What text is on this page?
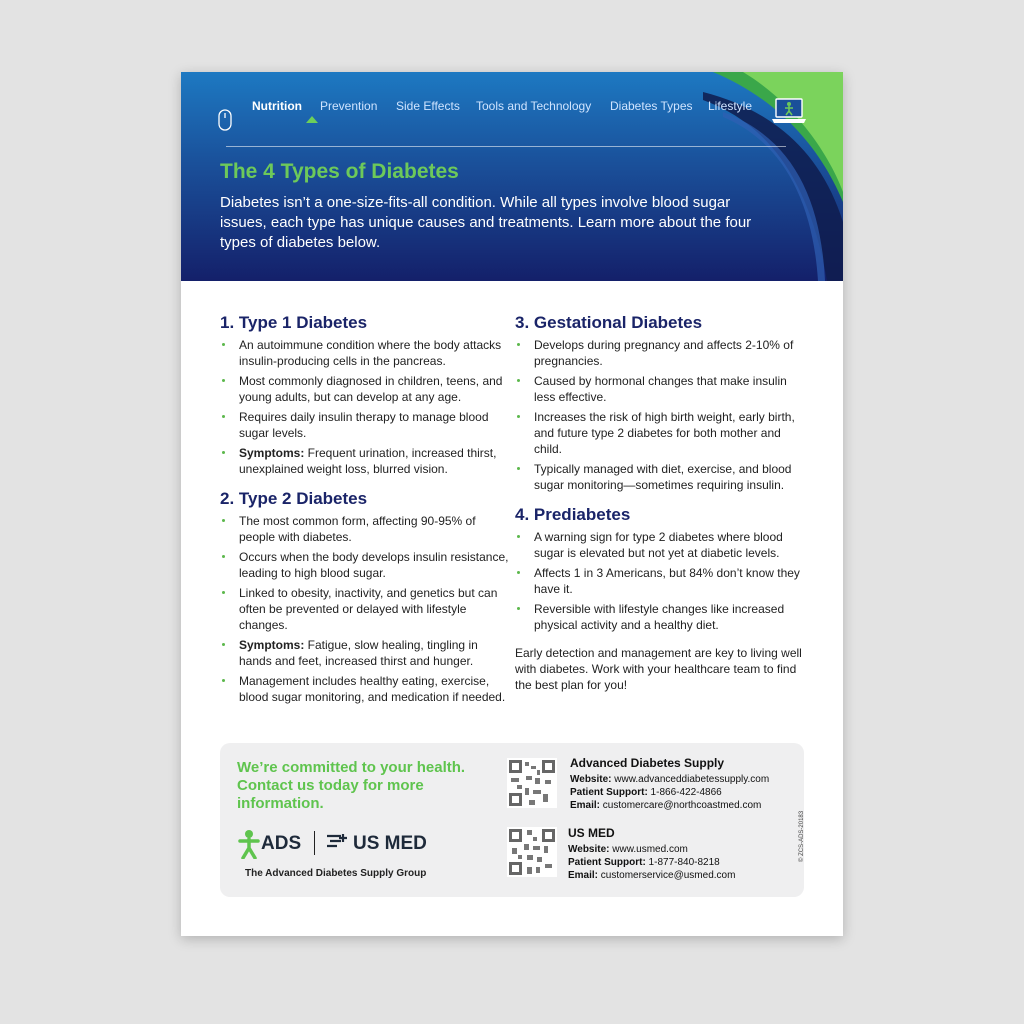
Nutrition Prevention Side Effects Tools and Technology Diabetes Types Lifestyle
The 4 Types of Diabetes

Diabetes isn’t a one-size-fits-all condition. While all types involve blood sugar issues, each type has unique causes and treatments. Learn more about the four types of diabetes below.

1. Type 1 Diabetes
An autoimmune condition where the body attacks insulin-producing cells in the pancreas.
Most commonly diagnosed in children, teens, and young adults, but can develop at any age.
Requires daily insulin therapy to manage blood sugar levels.
Symptoms: Frequent urination, increased thirst, unexplained weight loss, blurred vision.
2. Type 2 Diabetes
The most common form, affecting 90-95% of people with diabetes.
Occurs when the body develops insulin resistance, leading to high blood sugar.
Linked to obesity, inactivity, and genetics but can often be prevented or delayed with lifestyle changes.
Symptoms: Fatigue, slow healing, tingling in hands and feet, increased thirst and hunger.
Management includes healthy eating, exercise, blood sugar monitoring, and medication if needed.
3. Gestational Diabetes
Develops during pregnancy and affects 2-10% of pregnancies.
Caused by hormonal changes that make insulin less effective.
Increases the risk of high birth weight, early birth, and future type 2 diabetes for both mother and child.
Typically managed with diet, exercise, and blood sugar monitoring—sometimes requiring insulin.
4. Prediabetes
A warning sign for type 2 diabetes where blood sugar is elevated but not yet at diabetic levels.
Affects 1 in 3 Americans, but 84% don’t know they have it.
Reversible with lifestyle changes like increased physical activity and a healthy diet.

Early detection and management are key to living well with diabetes. Work with your healthcare team to find the best plan for you!

We’re committed to your health. Contact us today for more information.

ADS	US MED
The Advanced Diabetes Supply Group

Advanced Diabetes Supply

Website: www.advanceddiabetessupply.com

Patient Support: 1-866-422-4866

Email: customercare@northcoastmed.com

US MED

Website: www.usmed.com

Patient Support: 1-877-840-8218

Email: customerservice@usmed.com

© ZCS-ADS-20183
